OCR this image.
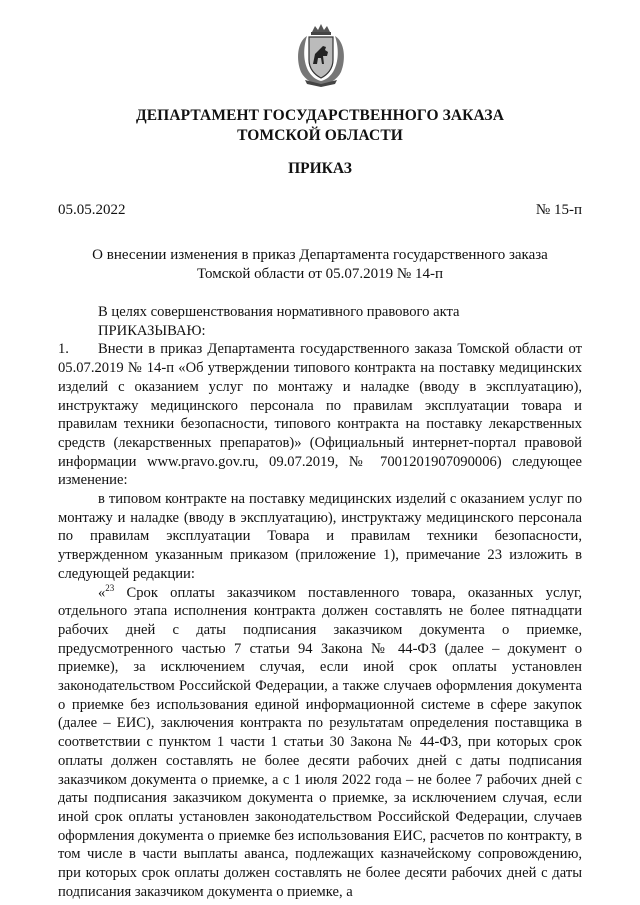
ДЕПАРТАМЕНТ ГОСУДАРСТВЕННОГО ЗАКАЗА
ТОМСКОЙ ОБЛАСТИ
ПРИКАЗ
05.05.2022	№ 15-п
О внесении изменения в приказ Департамента государственного заказа
Томской области от 05.07.2019 № 14-п

В целях совершенствования нормативного правового акта

ПРИКАЗЫВАЮ:

1. Внести в приказ Департамента государственного заказа Томской области от 05.07.2019 № 14-п «Об утверждении типового контракта на поставку медицинских изделий с оказанием услуг по монтажу и наладке (вводу в эксплуатацию), инструктажу медицинского персонала по правилам эксплуатации товара и правилам техники безопасности, типового контракта на поставку лекарственных средств (лекарственных препаратов)» (Официальный интернет-портал правовой информации www.pravo.gov.ru, 09.07.2019, № 7001201907090006) следующее изменение:

в типовом контракте на поставку медицинских изделий с оказанием услуг по монтажу и наладке (вводу в эксплуатацию), инструктажу медицинского персонала по правилам эксплуатации Товара и правилам техники безопасности, утвержденном указанным приказом (приложение 1), примечание 23 изложить в следующей редакции:

«$^{23}$ Срок оплаты заказчиком поставленного товара, оказанных услуг, отдельного этапа исполнения контракта должен составлять не более пятнадцати рабочих дней с даты подписания заказчиком документа о приемке, предусмотренного частью 7 статьи 94 Закона № 44-ФЗ (далее – документ о приемке), за исключением случая, если иной срок оплаты установлен законодательством Российской Федерации, а также случаев оформления документа о приемке без использования единой информационной системе в сфере закупок (далее – ЕИС), заключения контракта по результатам определения поставщика в соответствии с пунктом 1 части 1 статьи 30 Закона № 44-ФЗ, при которых срок оплаты должен составлять не более десяти рабочих дней с даты подписания заказчиком документа о приемке, а с 1 июля 2022 года – не более 7 рабочих дней с даты подписания заказчиком документа о приемке, за исключением случая, если иной срок оплаты установлен законодательством Российской Федерации, случаев оформления документа о приемке без использования ЕИС, расчетов по контракту, в том числе в части выплаты аванса, подлежащих казначейскому сопровождению, при которых срок оплаты должен составлять не более десяти рабочих дней с даты подписания заказчиком документа о приемке, а
